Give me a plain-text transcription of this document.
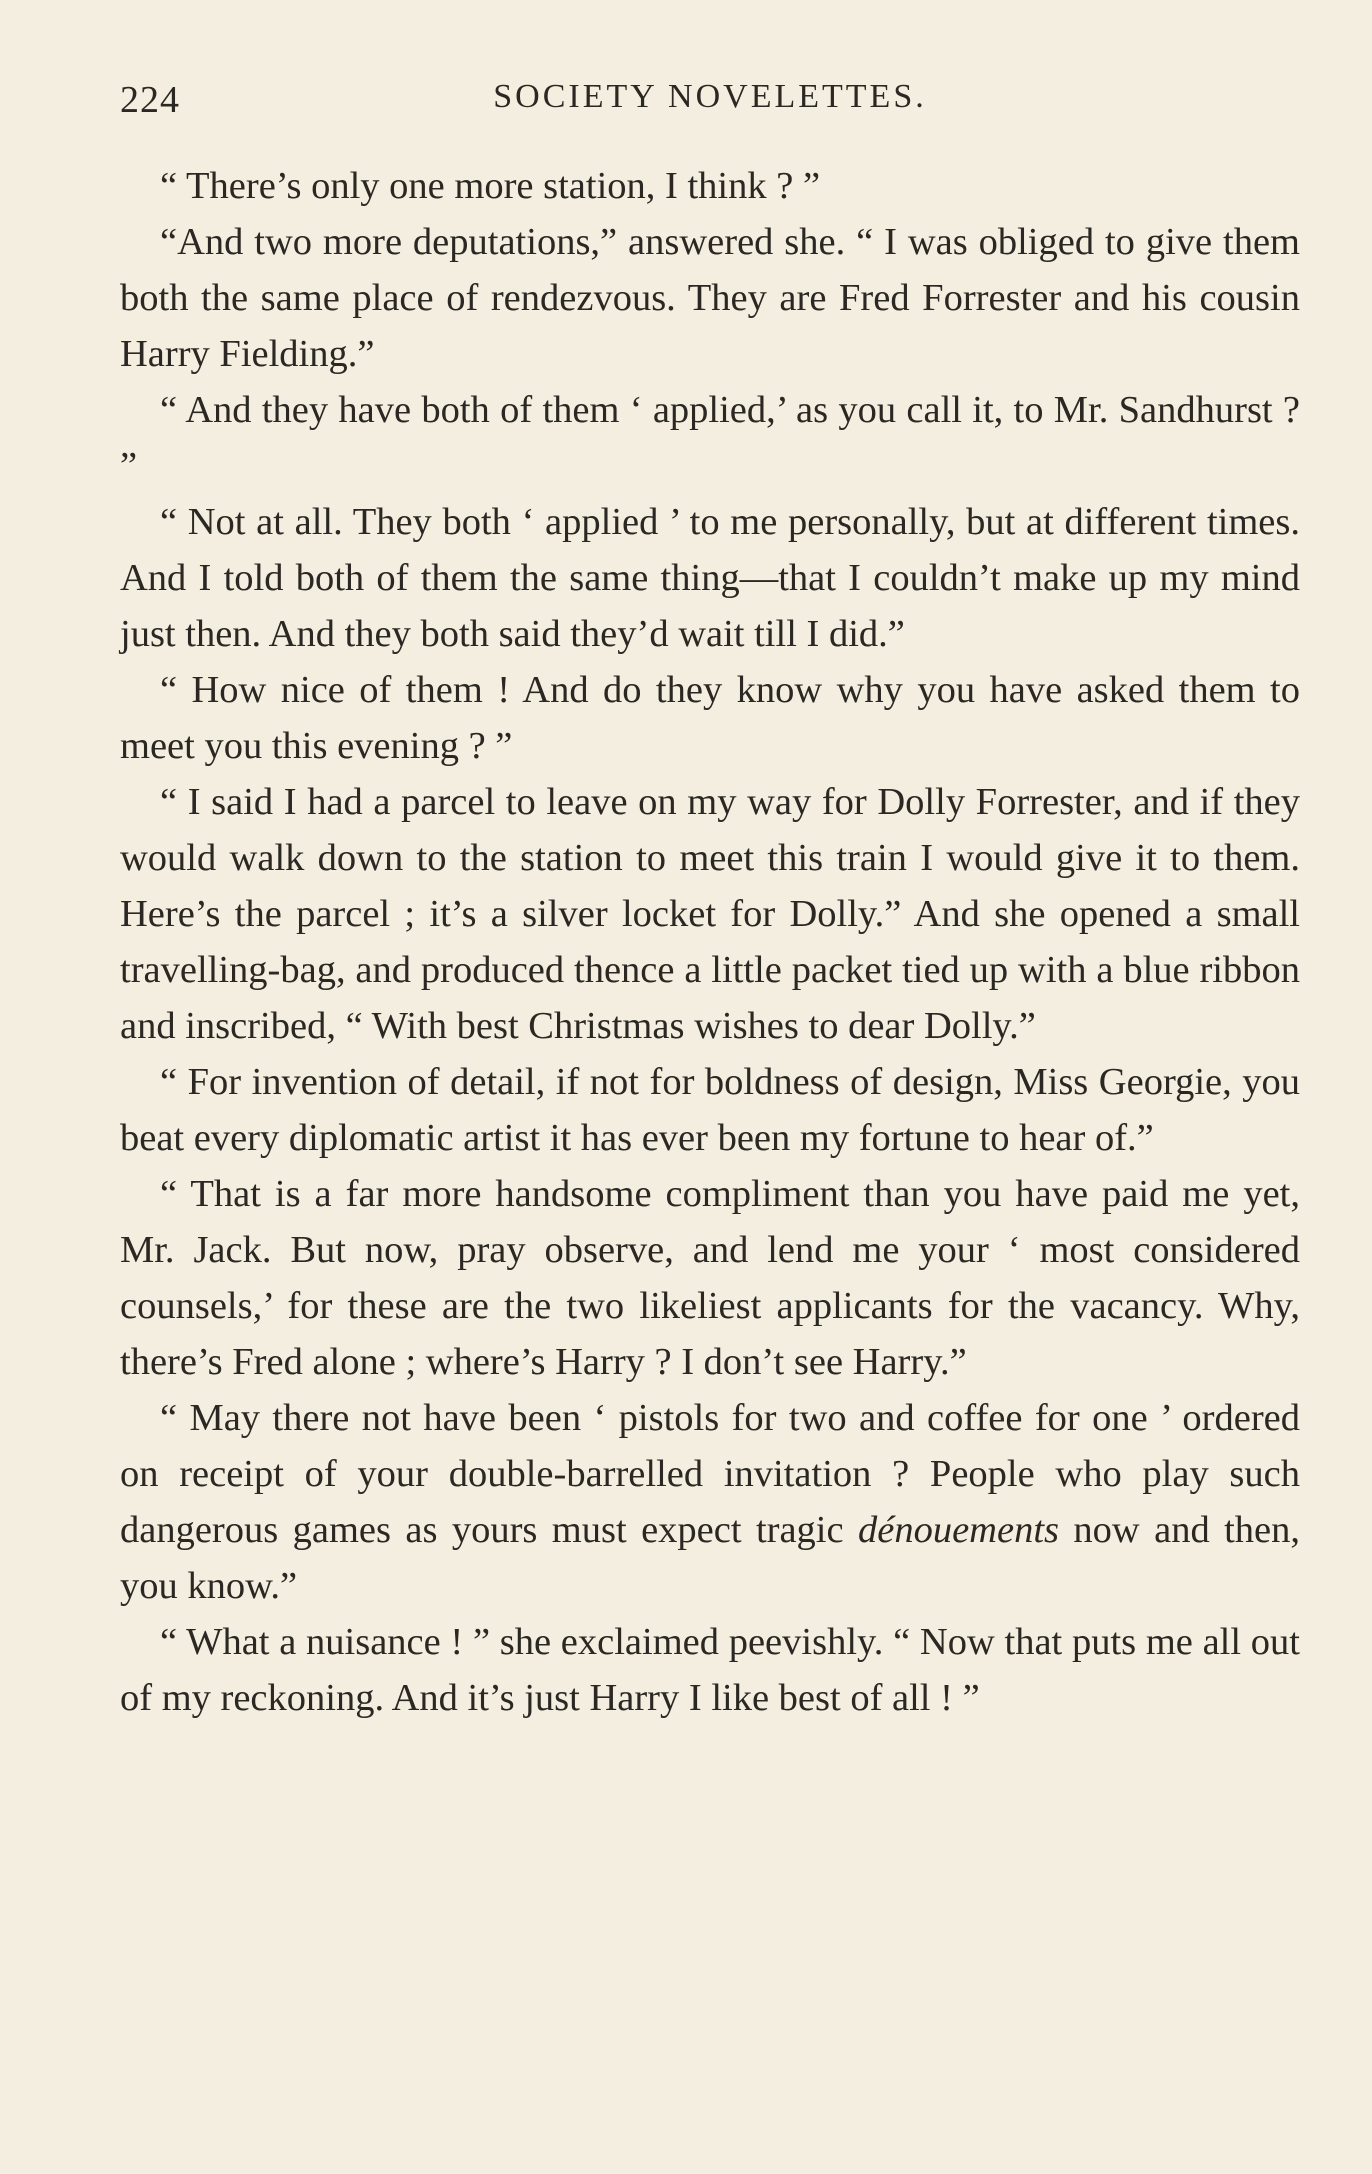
224	SOCIETY NOVELETTES.

“ There’s only one more station, I think ? ”

“And two more deputations,” answered she. “ I was obliged to give them both the same place of rendezvous. They are Fred Forrester and his cousin Harry Fielding.”

“ And they have both of them ‘ applied,’ as you call it, to Mr. Sandhurst ? ”

“ Not at all. They both ‘ applied ’ to me personally, but at different times. And I told both of them the same thing—that I couldn’t make up my mind just then. And they both said they’d wait till I did.”

“ How nice of them ! And do they know why you have asked them to meet you this evening ? ”

“ I said I had a parcel to leave on my way for Dolly Forrester, and if they would walk down to the station to meet this train I would give it to them. Here’s the parcel ; it’s a silver locket for Dolly.” And she opened a small travelling-bag, and produced thence a little packet tied up with a blue ribbon and inscribed, “ With best Christmas wishes to dear Dolly.”

“ For invention of detail, if not for boldness of design, Miss Georgie, you beat every diplomatic artist it has ever been my fortune to hear of.”

“ That is a far more handsome compliment than you have paid me yet, Mr. Jack. But now, pray observe, and lend me your ‘ most considered counsels,’ for these are the two likeliest applicants for the vacancy. Why, there’s Fred alone ; where’s Harry ? I don’t see Harry.”

“ May there not have been ‘ pistols for two and coffee for one ’ ordered on receipt of your double-barrelled invitation ? People who play such dangerous games as yours must expect tragic dénouements now and then, you know.”

“ What a nuisance ! ” she exclaimed peevishly. “ Now that puts me all out of my reckoning. And it’s just Harry I like best of all ! ”
